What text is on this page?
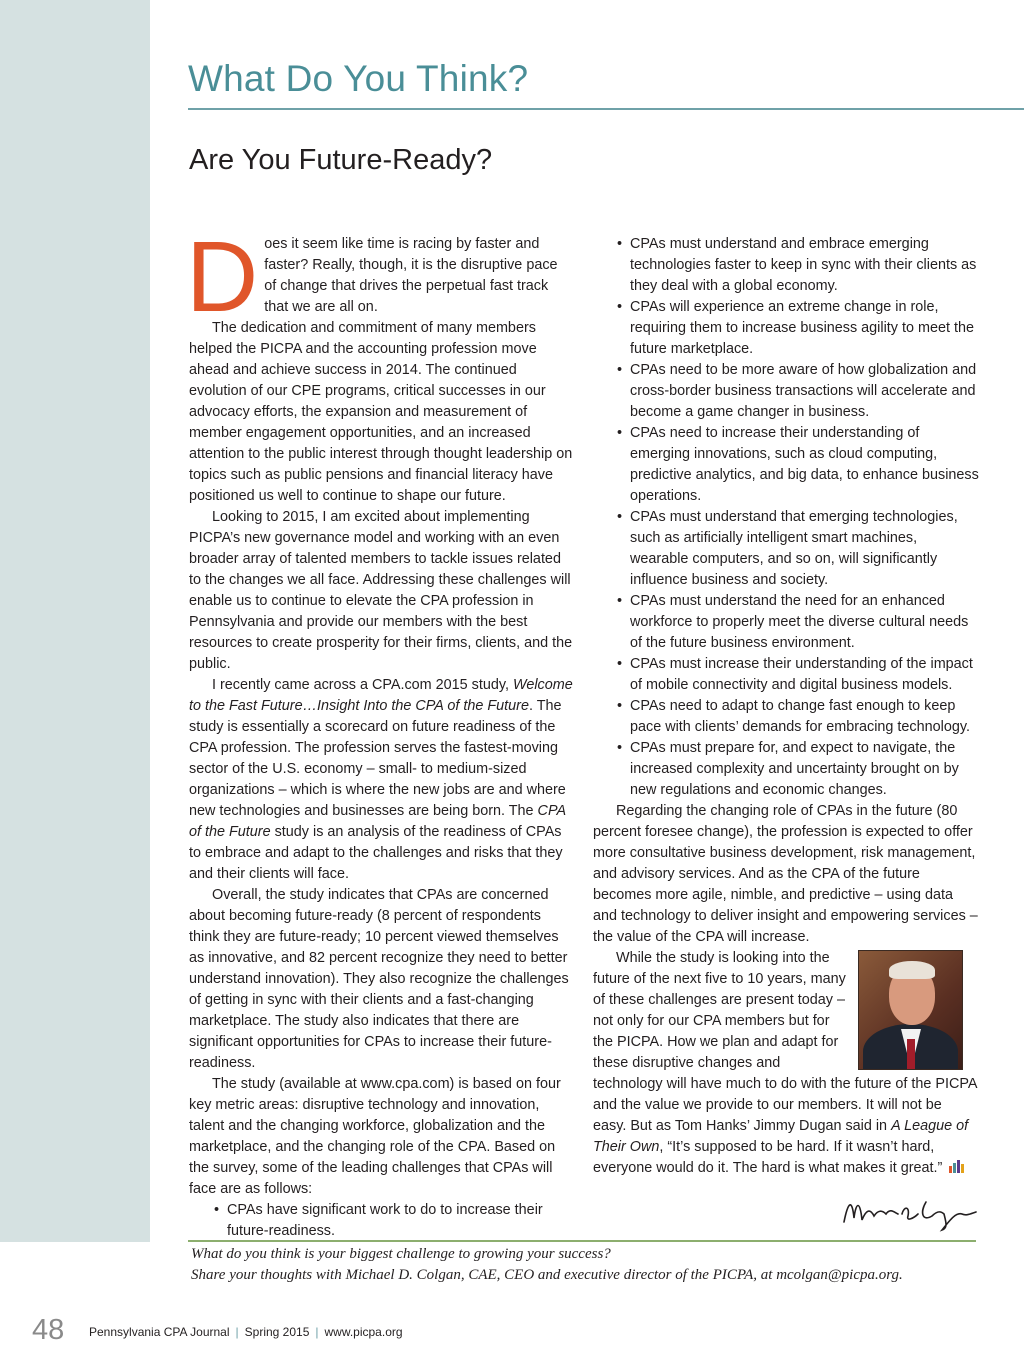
What Do You Think?
Are You Future-Ready?

Does it seem like time is racing by faster and faster? Really, though, it is the disruptive pace of change that drives the perpetual fast track that we are all on.

The dedication and commitment of many members helped the PICPA and the accounting profession move ahead and achieve success in 2014. The continued evolution of our CPE programs, critical successes in our advocacy efforts, the expansion and measurement of member engagement opportunities, and an increased attention to the public interest through thought leadership on topics such as public pensions and financial literacy have positioned us well to continue to shape our future.

Looking to 2015, I am excited about implementing PICPA’s new governance model and working with an even broader array of talented members to tackle issues related to the changes we all face. Addressing these challenges will enable us to continue to elevate the CPA profession in Pennsylvania and provide our members with the best resources to create prosperity for their firms, clients, and the public.

I recently came across a CPA.com 2015 study, Welcome to the Fast Future…Insight Into the CPA of the Future. The study is essentially a scorecard on future readiness of the CPA profession. The profession serves the fastest-moving sector of the U.S. economy – small- to medium-sized organizations – which is where the new jobs are and where new technologies and businesses are being born. The CPA of the Future study is an analysis of the readiness of CPAs to embrace and adapt to the challenges and risks that they and their clients will face.

Overall, the study indicates that CPAs are concerned about becoming future-ready (8 percent of respondents think they are future-ready; 10 percent viewed themselves as innovative, and 82 percent recognize they need to better understand innovation). They also recognize the challenges of getting in sync with their clients and a fast-changing marketplace. The study also indicates that there are significant opportunities for CPAs to increase their future-readiness.

The study (available at www.cpa.com) is based on four key metric areas: disruptive technology and innovation, talent and the changing workforce, globalization and the marketplace, and the changing role of the CPA. Based on the survey, some of the leading challenges that CPAs will face are as follows:

• CPAs have significant work to do to increase their future-readiness.
• CPAs must understand and embrace emerging technologies faster to keep in sync with their clients as they deal with a global economy.
• CPAs will experience an extreme change in role, requiring them to increase business agility to meet the future marketplace.
• CPAs need to be more aware of how globalization and cross-border business transactions will accelerate and become a game changer in business.
• CPAs need to increase their understanding of emerging innovations, such as cloud computing, predictive analytics, and big data, to enhance business operations.
• CPAs must understand that emerging technologies, such as artificially intelligent smart machines, wearable computers, and so on, will significantly influence business and society.
• CPAs must understand the need for an enhanced workforce to properly meet the diverse cultural needs of the future business environment.
• CPAs must increase their understanding of the impact of mobile connectivity and digital business models.
• CPAs need to adapt to change fast enough to keep pace with clients’ demands for embracing technology.
• CPAs must prepare for, and expect to navigate, the increased complexity and uncertainty brought on by new regulations and economic changes.

Regarding the changing role of CPAs in the future (80 percent foresee change), the profession is expected to offer more consultative business development, risk management, and advisory services. And as the CPA of the future becomes more agile, nimble, and predictive – using data and technology to deliver insight and empowering services – the value of the CPA will increase.

While the study is looking into the future of the next five to 10 years, many of these challenges are present today – not only for our CPA members but for the PICPA. How we plan and adapt for these disruptive changes and technology will have much to do with the future of the PICPA and the value we provide to our members. It will not be easy. But as Tom Hanks’ Jimmy Dugan said in A League of Their Own, “It’s supposed to be hard. If it wasn’t hard, everyone would do it. The hard is what makes it great.”

What do you think is your biggest challenge to growing your success?
Share your thoughts with Michael D. Colgan, CAE, CEO and executive director of the PICPA, at mcolgan@picpa.org.

48 Pennsylvania CPA Journal | Spring 2015 | www.picpa.org
